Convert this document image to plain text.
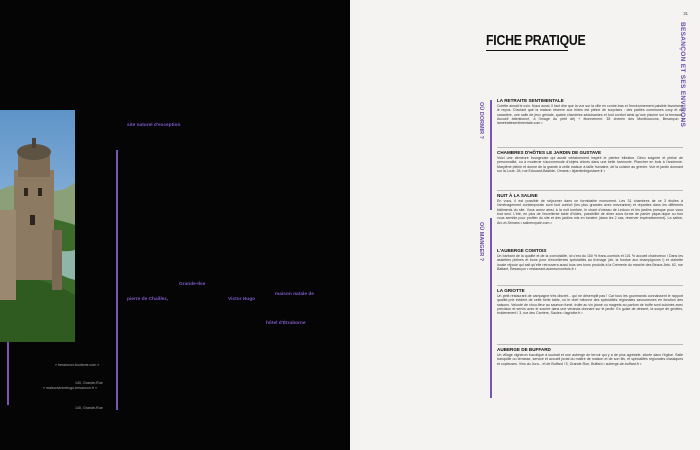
site naturel d'exception
Grande-Ilse
pierre de Chaillez,	Victor Hugo
maison natale de
hôtel d'Étraborne
« besancon-tourisme.com »
140, Grande-Rue
« maisonvictorhugo.besancon.fr »
140, Grande-Rue

31
FICHE PRATIQUE	BESANÇON ET SES ENVIRONS
OÙ DORMIR ?
OÙ MANGER ?
LA RETRAITE SENTIMENTALE

Colette aimait le coin. Nous aussi. Il faut dire que la vue sur la ville en contre-bas et l'environnement paisible favorisent le repos. D'autant que la maison réserve aux hôtes est pleine de surprises : des parties communes cosy et de caractère, une salle de jeux géniale, quatre chambres séduisantes et tout confort ainsi qu'une piscine sur la terrasse. Accueil attentionné, à l'image du petit déj + étonnement. 35 chemin des Montboucons, Besançon • lametraitesentimentale.com •

CHAMBRES D'HÔTES LE JARDIN DE GUSTAVE

Voici une demeure bourgeoise qui aurait certainement inspiré le peintre tribuiton. Déco soignée et pleine de personnalité, ou à moderne s'accommode d'objets chinés dans une belle harmonie. Plancher en bois à l'ancienne. Maryléne pleine et donne de la grande à cette maison à taille humaine, de la cuisine au grenier. Vue et jardin donnant sur la Loue. 28, rue Edouard-Bastide, Ornans • lejardindegustave.fr •

NUIT À LA SALINE

En vous, il est possible de séjourner dans ce formidable monument. Les 31 chambres de ce 3 étoiles à l'aménagement contemporain sont tout confort (les plus grandes avec mezzanine) et réparties dans les différents bâtiments du site. Vous aurez ainsi, à la nuit tombée, le chant d'oiseau de Ledoux et les jardins presque pour vous tout seul. L'été, en plus de l'excellente table d'hôtes, possibilité de dîner sous forme de panier pique-nique ou bon vous semble pour profiter du site et des jardins mis en lumière (dans les 2 cas, réserver impérativement). La saline, Arc-et-Senans • salineroyale.com •

L'AUBERGE COMTOIS

Un barbant de la qualité et de la convivialité, ici c'est du 100 % franc-comtois et 101 % accueil chaleureux ! Dans les assiettes pleines et bons pour d'excellentes spécialités au fromage (ah, la fondue aux champignons !) et clairette locale réjouie qui sait qu'elle retrouvera aussi tous ces bons produits à la Crémerie du marché des Beaux-Arts. 62, rue Battant, Besançon • restaurant-aumeurcomtois.fr •

LA GRIOTTE

Un petit restaurant de campagne très discret... qui ne désemplit pas ! Car tous les gourmands connaissent le rapport qualité-prix évident de cette belle table, où le chef mitonne des spécialités régionales savoureuses en fonction des saisons. Velouté de chou-fleur au saumon fumé, truite au vin jaune ou magrets au parfum de truffe sont cuisinés avec précision et servis avec le sourire dans une véranda donnant sur le jardin. En guise de dessert, la soupe de griottes, évidemment ! 3, rue des Carriers, Saules • lagriotte.fr •

AUBERGE DE BUFFARD

Un village vigneron bucolique à souhait et une auberge de terroir qui y a de plus agréable, située dans l'église. Salle tranquille ou terrasse, service et accueil jovial du maître de maison et de son fils, et spécialités régionales classiques et copieuses. Vins du Jura... et de Buffard ! 5, Grande-Rue, Buffard • auberge-de-buffard.fr •
